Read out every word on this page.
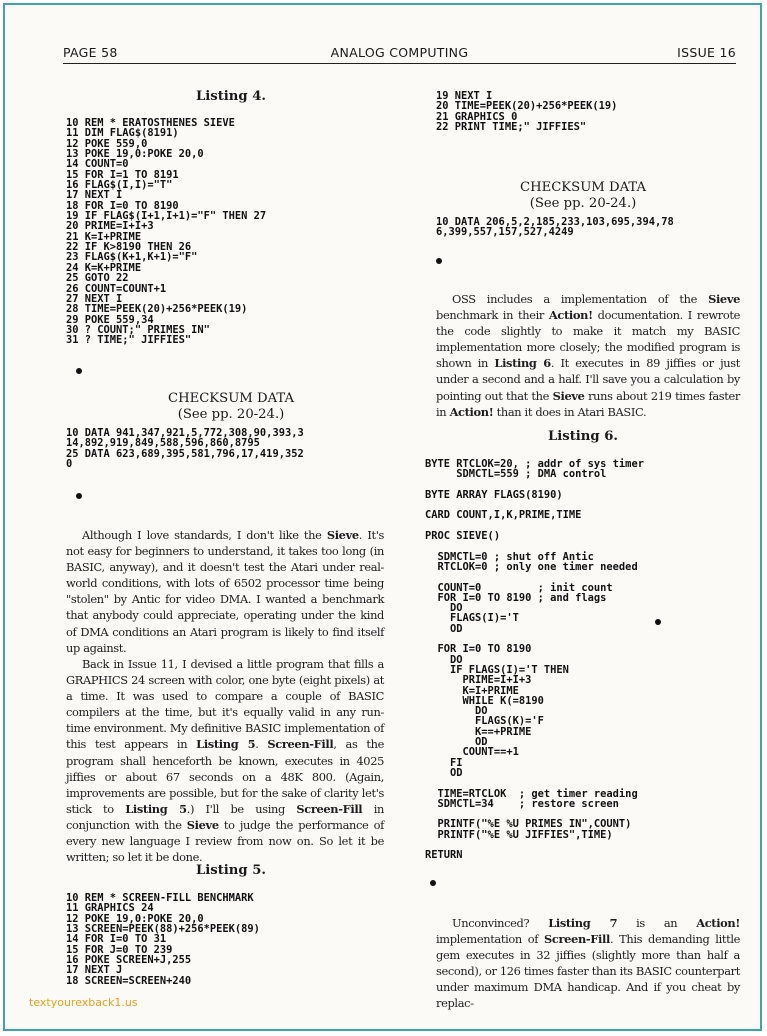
PAGE 58	ANALOG COMPUTING	ISSUE 16
Listing 4.
10 REM * ERATOSTHENES SIEVE
11 DIM FLAG$(8191)
12 POKE 559,0
13 POKE 19,0:POKE 20,0
14 COUNT=0
15 FOR I=1 TO 8191
16 FLAG$(I,I)="T"
17 NEXT I
18 FOR I=0 TO 8190
19 IF FLAG$(I+1,I+1)="F" THEN 27
20 PRIME=I+I+3
21 K=I+PRIME
22 IF K>8190 THEN 26
23 FLAG$(K+1,K+1)="F"
24 K=K+PRIME
25 GOTO 22
26 COUNT=COUNT+1
27 NEXT I
28 TIME=PEEK(20)+256*PEEK(19)
29 POKE 559,34
30 ? COUNT;" PRIMES IN"
31 ? TIME;" JIFFIES"
CHECKSUM DATA
(See pp. 20-24.)
10 DATA 941,347,921,5,772,308,90,393,3
14,892,919,849,588,596,860,8795
25 DATA 623,689,395,581,796,17,419,352
0

Although I love standards, I don't like the Sieve. It's not easy for beginners to understand, it takes too long (in BASIC, anyway), and it doesn't test the Atari under real-world conditions, with lots of 6502 processor time being "stolen" by Antic for video DMA. I wanted a benchmark that anybody could appreciate, operating under the kind of DMA conditions an Atari program is likely to find itself up against.

Back in Issue 11, I devised a little program that fills a GRAPHICS 24 screen with color, one byte (eight pixels) at a time. It was used to compare a couple of BASIC compilers at the time, but it's equally valid in any run-time environment. My definitive BASIC implementation of this test appears in Listing 5. Screen-Fill, as the program shall henceforth be known, executes in 4025 jiffies or about 67 seconds on a 48K 800. (Again, improvements are possible, but for the sake of clarity let's stick to Listing 5.) I'll be using Screen-Fill in conjunction with the Sieve to judge the performance of every new language I review from now on. So let it be written; so let it be done.

Listing 5.
10 REM * SCREEN-FILL BENCHMARK
11 GRAPHICS 24
12 POKE 19,0:POKE 20,0
13 SCREEN=PEEK(88)+256*PEEK(89)
14 FOR I=0 TO 31
15 FOR J=0 TO 239
16 POKE SCREEN+J,255
17 NEXT J
18 SCREEN=SCREEN+240
19 NEXT I
20 TIME=PEEK(20)+256*PEEK(19)
21 GRAPHICS 0
22 PRINT TIME;" JIFFIES"
CHECKSUM DATA
(See pp. 20-24.)
10 DATA 206,5,2,185,233,103,695,394,78
6,399,557,157,527,4249

OSS includes a implementation of the Sieve benchmark in their Action! documentation. I rewrote the code slightly to make it match my BASIC implementation more closely; the modified program is shown in Listing 6. It executes in 89 jiffies or just under a second and a half. I'll save you a calculation by pointing out that the Sieve runs about 219 times faster in Action! than it does in Atari BASIC.

Listing 6.
BYTE RTCLOK=20, ; addr of sys timer
SDMCTL=559 ; DMA control

BYTE ARRAY FLAGS(8190)

CARD COUNT,I,K,PRIME,TIME

PROC SIEVE()

SDMCTL=0 ; shut off Antic
RTCLOK=0 ; only one timer needed

COUNT=0         ; init count
FOR I=0 TO 8190 ; and flags
DO
FLAGS(I)='T
OD

FOR I=0 TO 8190
DO
IF FLAGS(I)='T THEN
PRIME=I+I+3
K=I+PRIME
WHILE K(=8190
DO
FLAGS(K)='F
K==+PRIME
OD
COUNT==+1
FI
OD

TIME=RTCLOK  ; get timer reading
SDMCTL=34    ; restore screen

PRINTF("%E %U PRIMES IN",COUNT)
PRINTF("%E %U JIFFIES",TIME)

RETURN

Unconvinced? Listing 7 is an Action! implementation of Screen-Fill. This demanding little gem executes in 32 jiffies (slightly more than half a second), or 126 times faster than its BASIC counterpart under maximum DMA handicap. And if you cheat by replac-

textyourexback1.us
